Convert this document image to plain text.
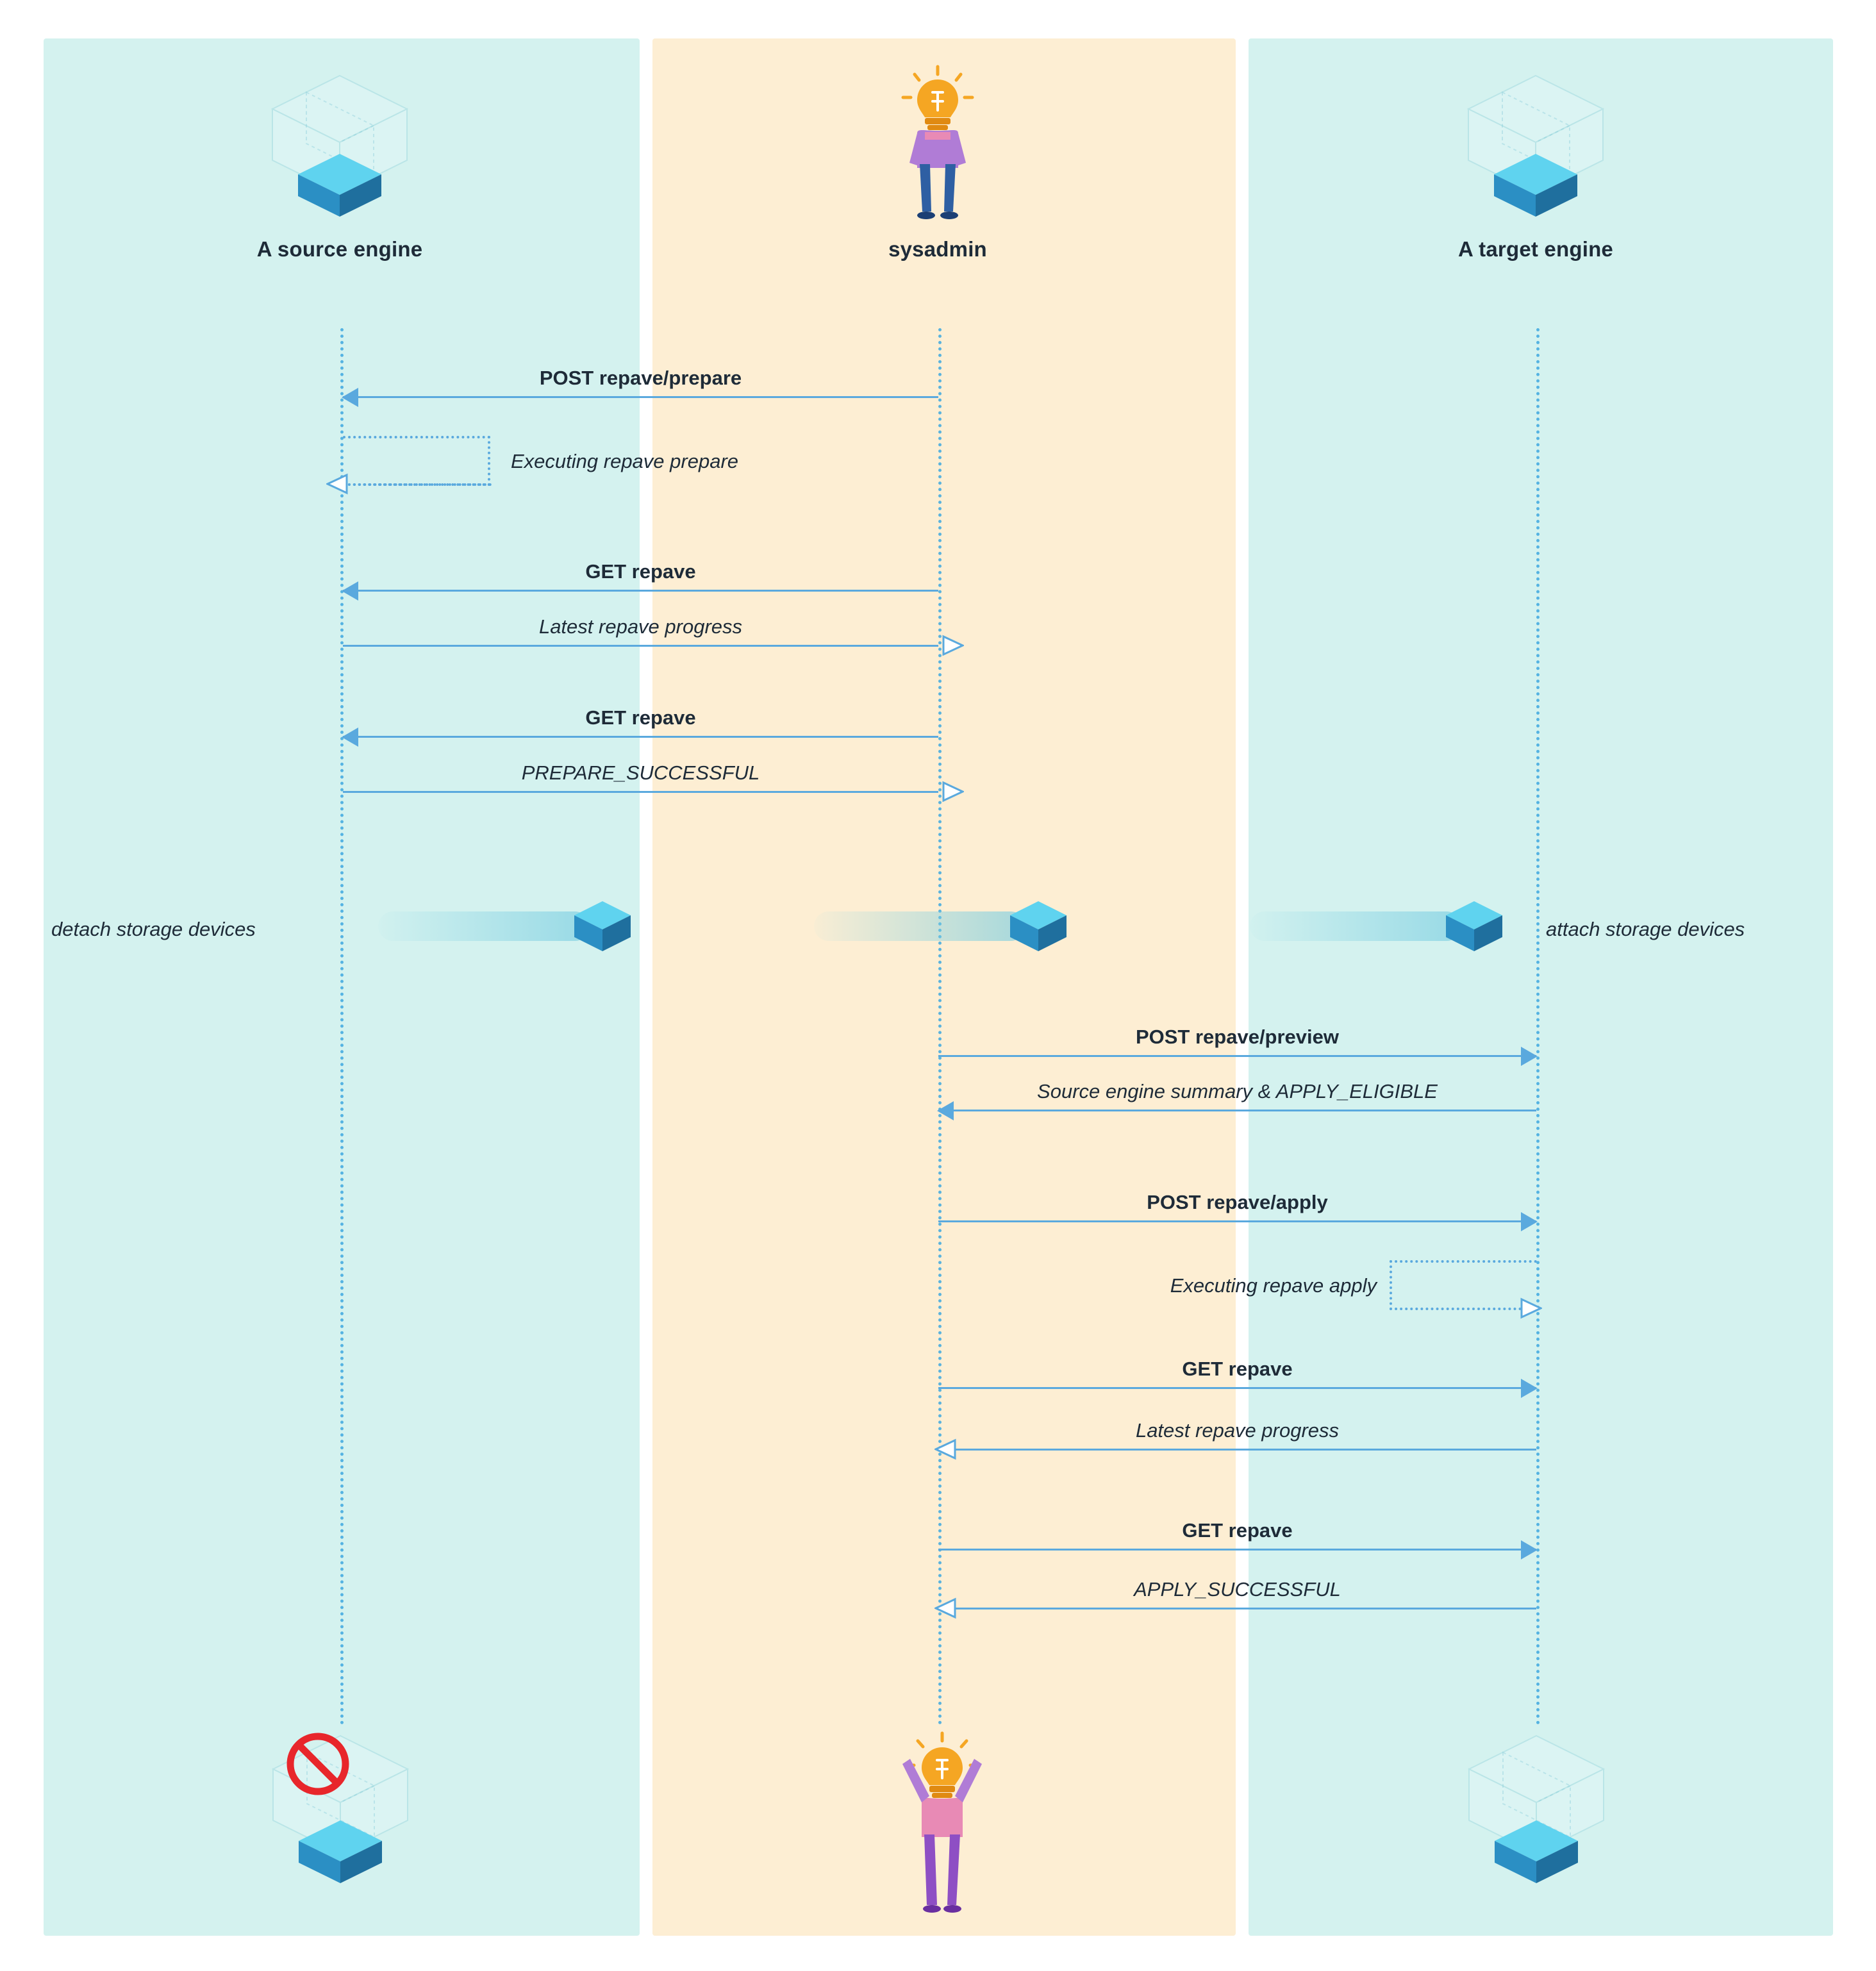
A source engine	sysadmin	A target engine
POST repave/prepare
Executing repave prepare
GET repave
Latest repave progress
GET repave
PREPARE_SUCCESSFUL
detach storage devices	attach storage devices
POST repave/preview
Source engine summary & APPLY_ELIGIBLE
POST repave/apply
Executing repave apply
GET repave
Latest repave progress
GET repave
APPLY_SUCCESSFUL
